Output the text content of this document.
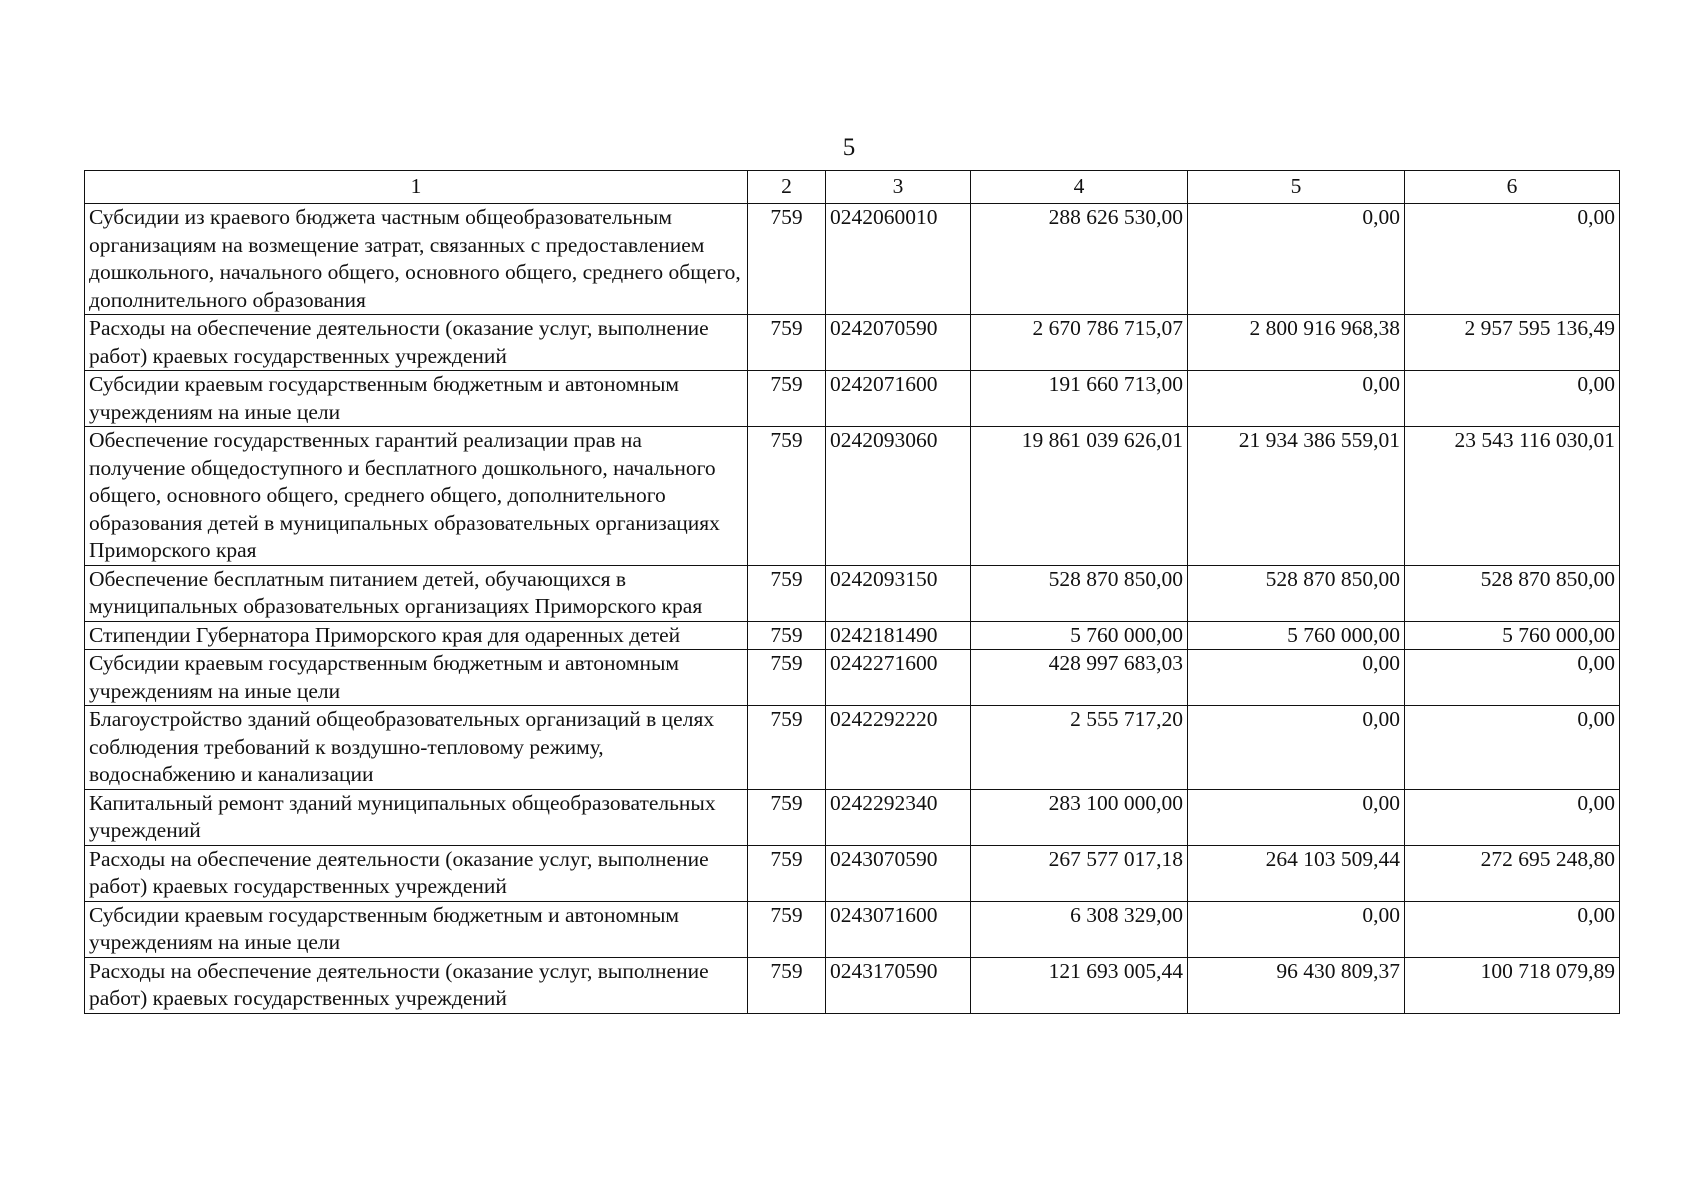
5
1	2	3	4	5	6
Субсидии из краевого бюджета частным общеобразовательным организациям на возмещение затрат, связанных с предоставлением дошкольного, начального общего, основного общего, среднего общего, дополнительного образования	759	0242060010	288 626 530,00	0,00	0,00
Расходы на обеспечение деятельности (оказание услуг, выполнение работ) краевых государственных учреждений	759	0242070590	2 670 786 715,07	2 800 916 968,38	2 957 595 136,49
Субсидии краевым государственным бюджетным и автономным учреждениям на иные цели	759	0242071600	191 660 713,00	0,00	0,00
Обеспечение государственных гарантий реализации прав на получение общедоступного и бесплатного дошкольного, начального общего, основного общего, среднего общего, дополнительного образования детей в муниципальных образовательных организациях Приморского края	759	0242093060	19 861 039 626,01	21 934 386 559,01	23 543 116 030,01
Обеспечение бесплатным питанием детей, обучающихся в муниципальных образовательных организациях Приморского края	759	0242093150	528 870 850,00	528 870 850,00	528 870 850,00
Стипендии Губернатора Приморского края для одаренных детей	759	0242181490	5 760 000,00	5 760 000,00	5 760 000,00
Субсидии краевым государственным бюджетным и автономным учреждениям на иные цели	759	0242271600	428 997 683,03	0,00	0,00
Благоустройство зданий общеобразовательных организаций в целях соблюдения требований к воздушно-тепловому режиму, водоснабжению и канализации	759	0242292220	2 555 717,20	0,00	0,00
Капитальный ремонт зданий муниципальных общеобразовательных учреждений	759	0242292340	283 100 000,00	0,00	0,00
Расходы на обеспечение деятельности (оказание услуг, выполнение работ) краевых государственных учреждений	759	0243070590	267 577 017,18	264 103 509,44	272 695 248,80
Субсидии краевым государственным бюджетным и автономным учреждениям на иные цели	759	0243071600	6 308 329,00	0,00	0,00
Расходы на обеспечение деятельности (оказание услуг, выполнение работ) краевых государственных учреждений	759	0243170590	121 693 005,44	96 430 809,37	100 718 079,89
